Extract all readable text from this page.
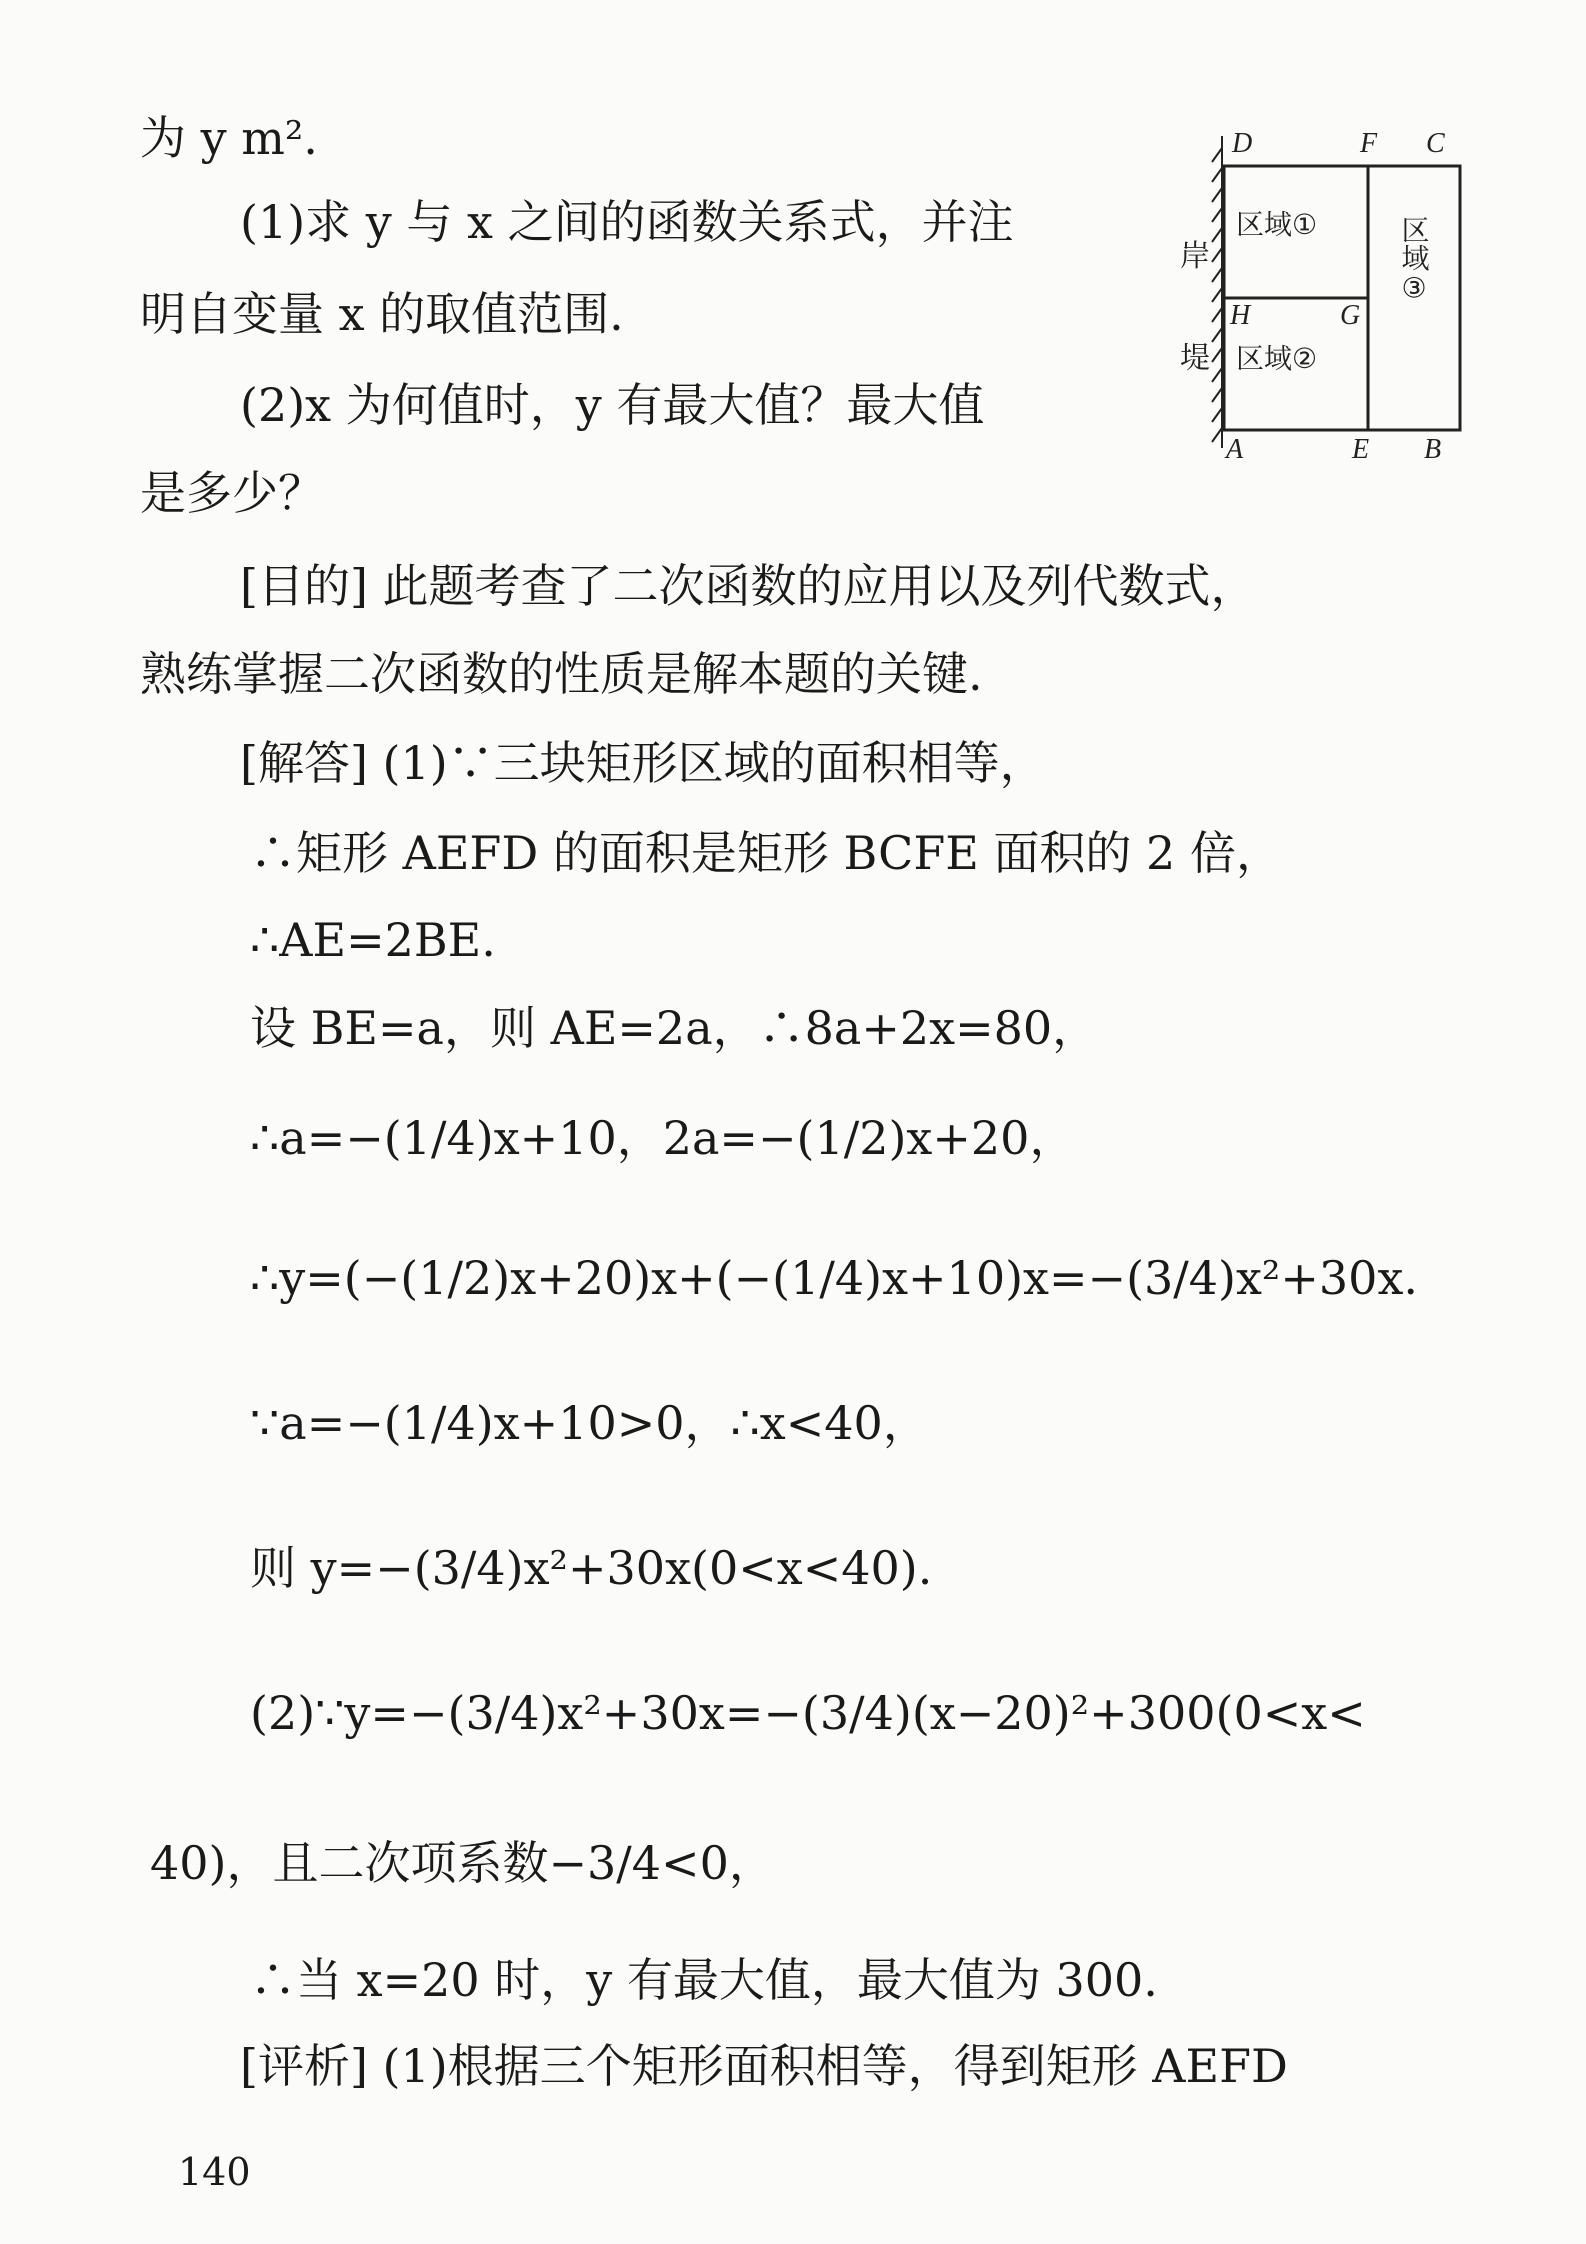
为 y m².
(1)求 y 与 x 之间的函数关系式，并注
明自变量 x 的取值范围.
(2)x 为何值时，y 有最大值？最大值
是多少？
[目的] 此题考查了二次函数的应用以及列代数式，
熟练掌握二次函数的性质是解本题的关键.
[解答] (1)∵三块矩形区域的面积相等，
∴矩形 AEFD 的面积是矩形 BCFE 面积的 2 倍，
∴AE=2BE.
设 BE=a，则 AE=2a，∴8a+2x=80，
∴a=−(1/4)x+10，2a=−(1/2)x+20，
∴y=(−(1/2)x+20)x+(−(1/4)x+10)x=−(3/4)x²+30x.
∵a=−(1/4)x+10>0，∴x<40，
则 y=−(3/4)x²+30x(0<x<40).
(2)∵y=−(3/4)x²+30x=−(3/4)(x−20)²+300(0<x<
40)，且二次项系数−3/4<0，
∴当 x=20 时，y 有最大值，最大值为 300.
[评析] (1)根据三个矩形面积相等，得到矩形 AEFD
D	F C
H	G
A	E B
区域①
区域②
区域③
岸
堤
140
